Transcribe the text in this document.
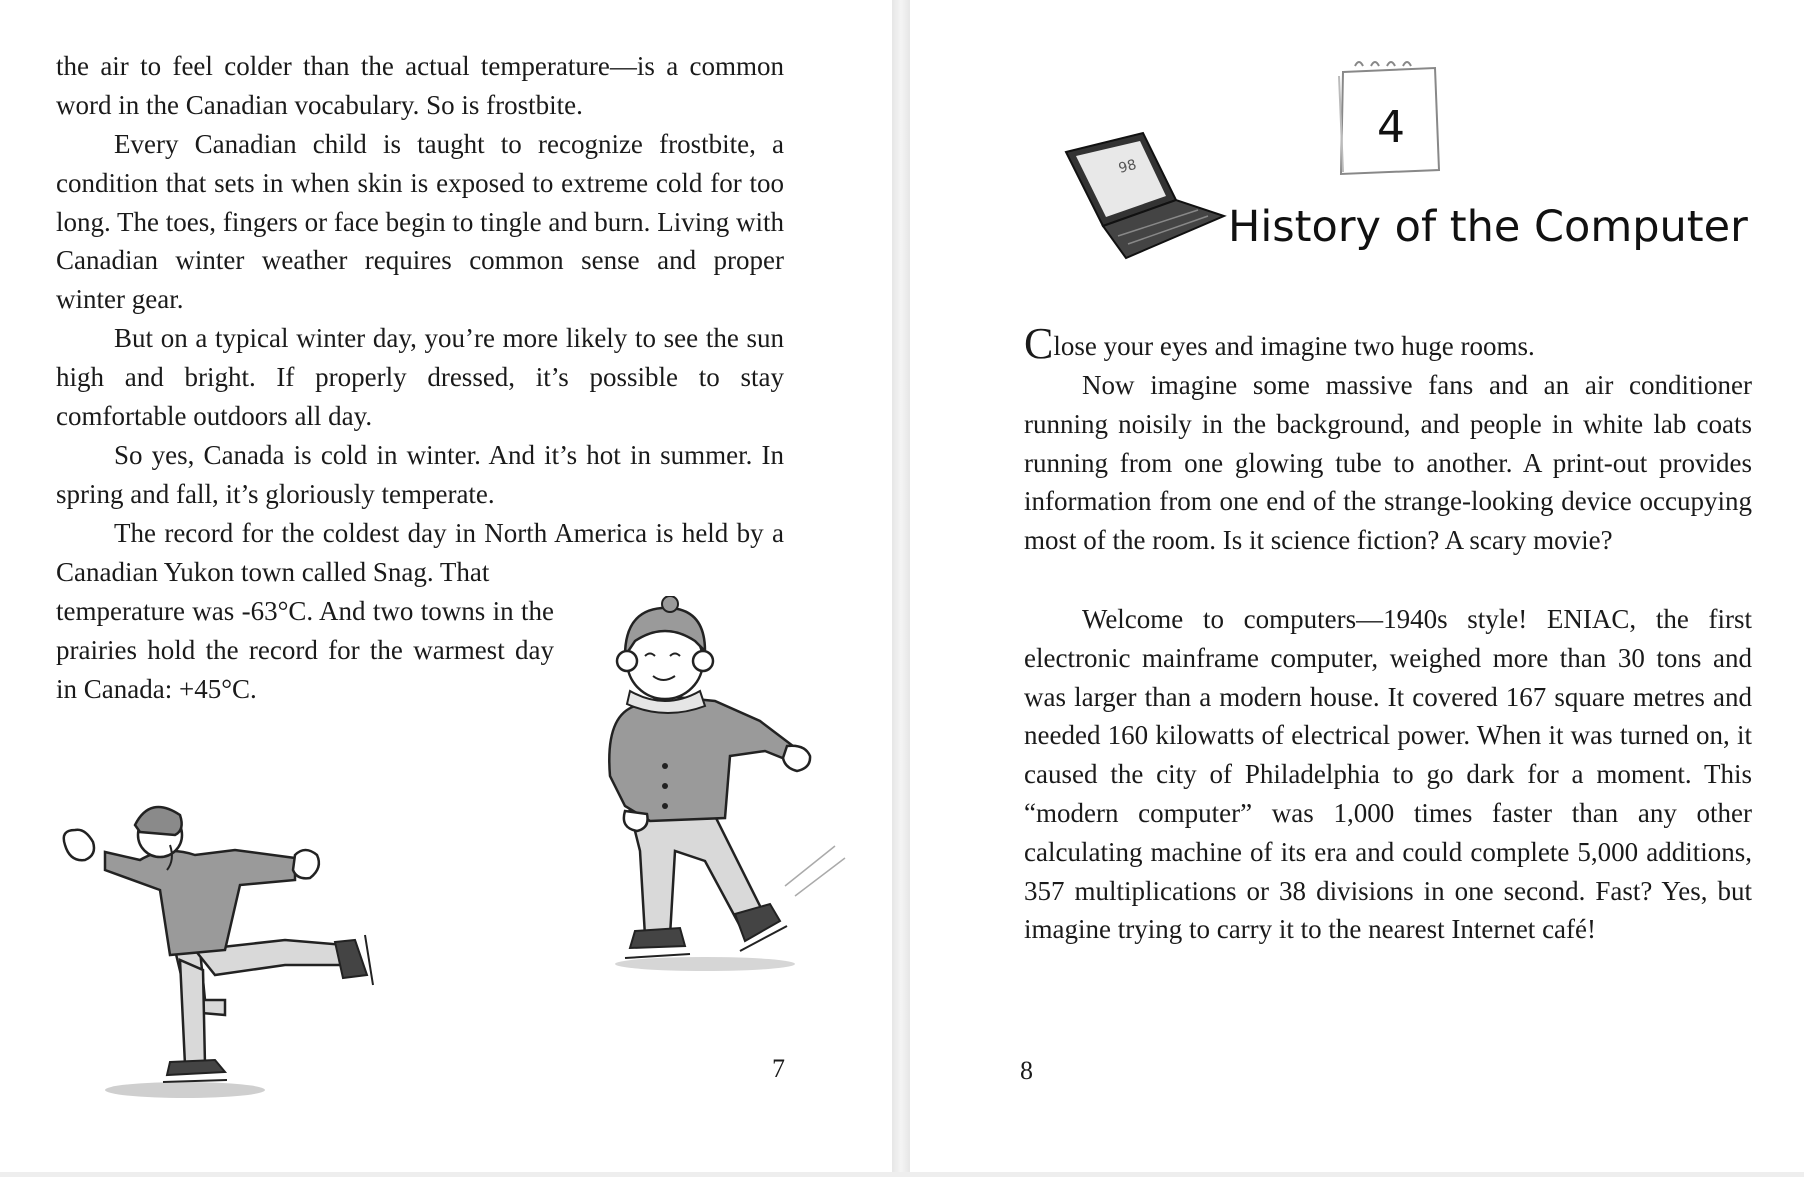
the air to feel colder than the actual temperature—is a common word in the Canadian vocabulary. So is frostbite.

Every Canadian child is taught to recognize frostbite, a condition that sets in when skin is exposed to extreme cold for too long. The toes, fingers or face begin to tingle and burn. Living with Canadian winter weather requires common sense and proper winter gear.

But on a typical winter day, you’re more likely to see the sun high and bright. If properly dressed, it’s possible to stay comfortable outdoors all day.

So yes, Canada is cold in winter. And it’s hot in summer. In spring and fall, it’s gloriously temperate.

The record for the coldest day in North America is held by a Canadian Yukon town called Snag. That

temperature was -63°C. And two towns in the prairies hold the record for the warmest day in Canada: +45°C.

7
4
98
History of the Computer

Close your eyes and imagine two huge rooms.

Now imagine some massive fans and an air conditioner running noisily in the background, and people in white lab coats running from one glowing tube to another. A print-out provides information from one end of the strange-looking device occupying most of the room. Is it science fiction? A scary movie?

Welcome to computers—1940s style! ENIAC, the first electronic mainframe computer, weighed more than 30 tons and was larger than a modern house. It covered 167 square metres and needed 160 kilowatts of electrical power. When it was turned on, it caused the city of Philadelphia to go dark for a moment. This “modern computer” was 1,000 times faster than any other calculating machine of its era and could complete 5,000 additions, 357 multiplications or 38 divisions in one second. Fast? Yes, but imagine trying to carry it to the nearest Internet café!

8
